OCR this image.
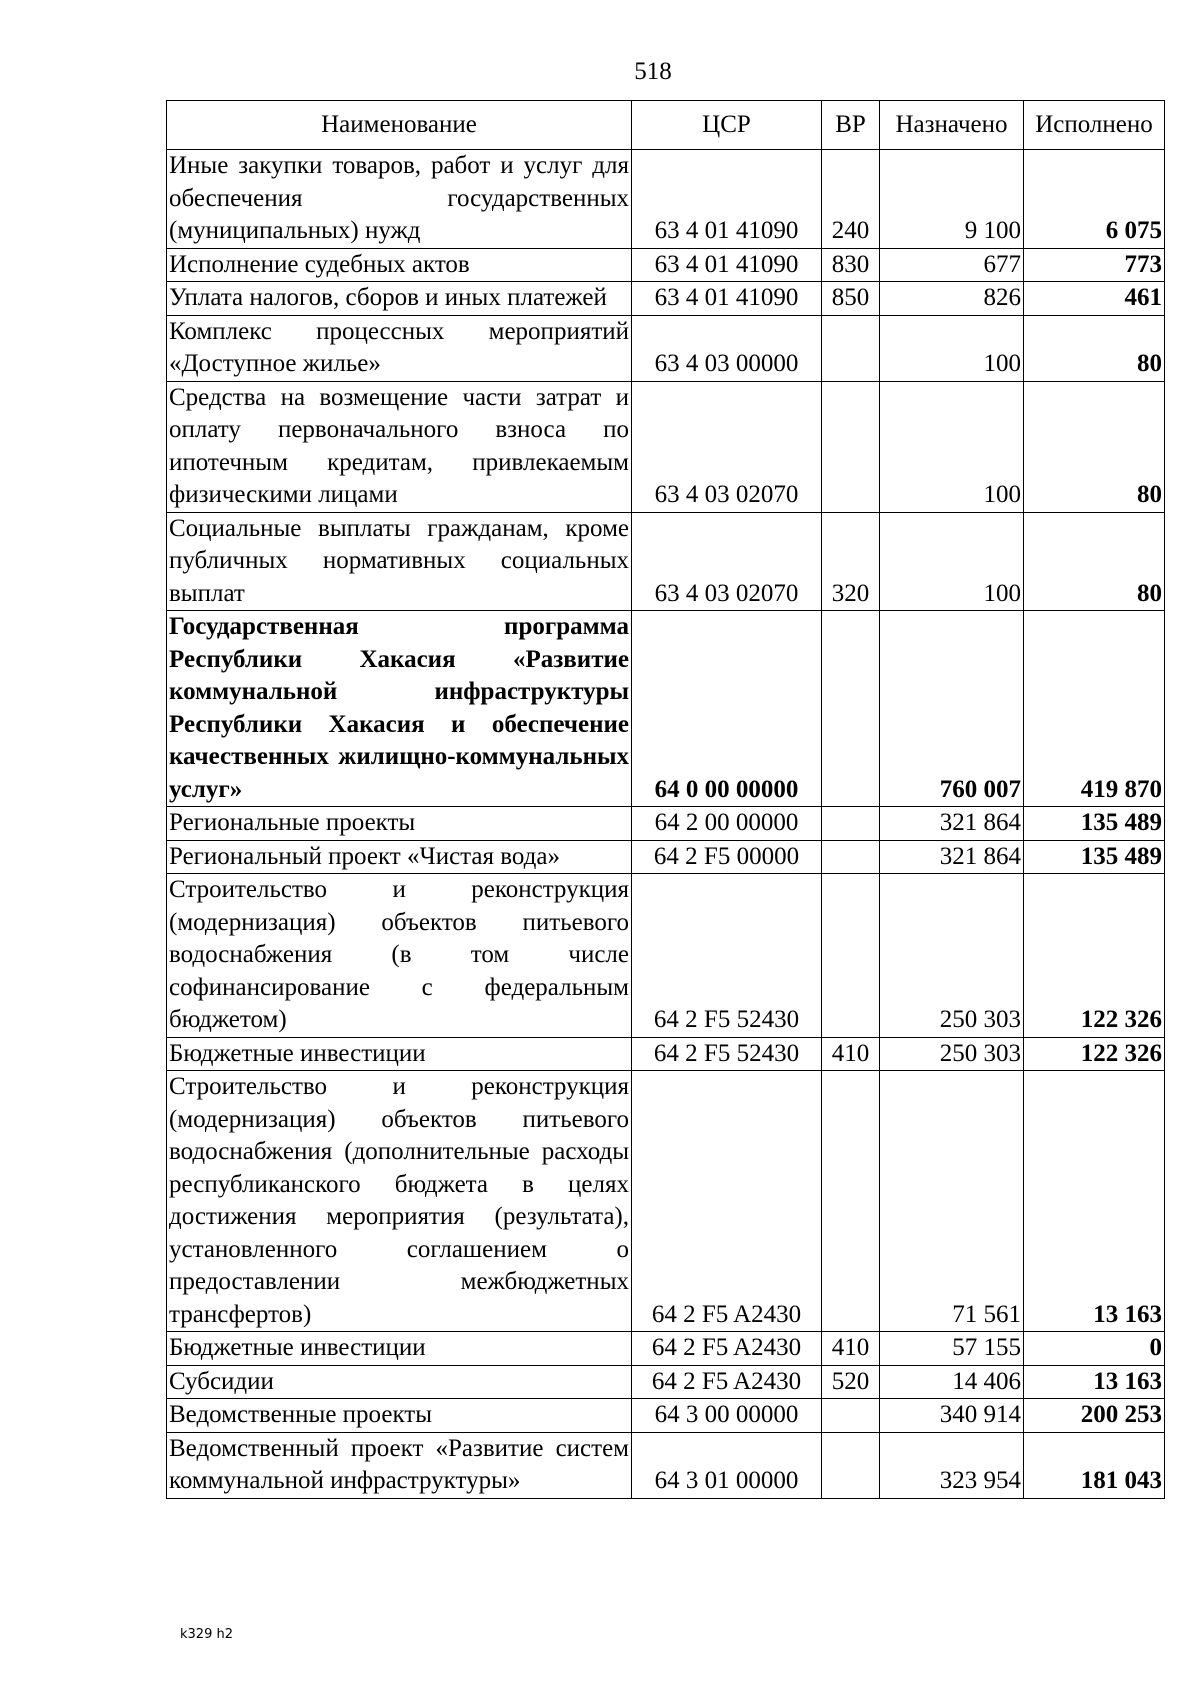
518
Наименование	ЦСР	ВР	Назначено	Исполнено
Иные закупки товаров, работ и услуг для обеспечения государственных (муниципальных) нужд	63 4 01 41090	240	9 100	6 075
Исполнение судебных актов	63 4 01 41090	830	677	773
Уплата налогов, сборов и иных платежей	63 4 01 41090	850	826	461
Комплекс процессных мероприятий «Доступное жилье»	63 4 03 00000		100	80
Средства на возмещение части затрат и оплату первоначального взноса по ипотечным кредитам, привлекаемым физическими лицами	63 4 03 02070		100	80
Социальные выплаты гражданам, кроме публичных нормативных социальных выплат	63 4 03 02070	320	100	80
Государственная программа Республики Хакасия «Развитие коммунальной инфраструктуры Республики Хакасия и обеспечение качественных жилищно-коммунальных услуг»	64 0 00 00000		760 007	419 870
Региональные проекты	64 2 00 00000		321 864	135 489
Региональный проект «Чистая вода»	64 2 F5 00000		321 864	135 489
Строительство и реконструкция (модернизация) объектов питьевого водоснабжения (в том числе софинансирование с федеральным бюджетом)	64 2 F5 52430		250 303	122 326
Бюджетные инвестиции	64 2 F5 52430	410	250 303	122 326
Строительство и реконструкция (модернизация) объектов питьевого водоснабжения (дополнительные расходы республиканского бюджета в целях достижения мероприятия (результата), установленного соглашением о предоставлении межбюджетных трансфертов)	64 2 F5 A2430		71 561	13 163
Бюджетные инвестиции	64 2 F5 A2430	410	57 155	0
Субсидии	64 2 F5 A2430	520	14 406	13 163
Ведомственные проекты	64 3 00 00000		340 914	200 253
Ведомственный проект «Развитие систем коммунальной инфраструктуры»	64 3 01 00000		323 954	181 043
k329 h2
